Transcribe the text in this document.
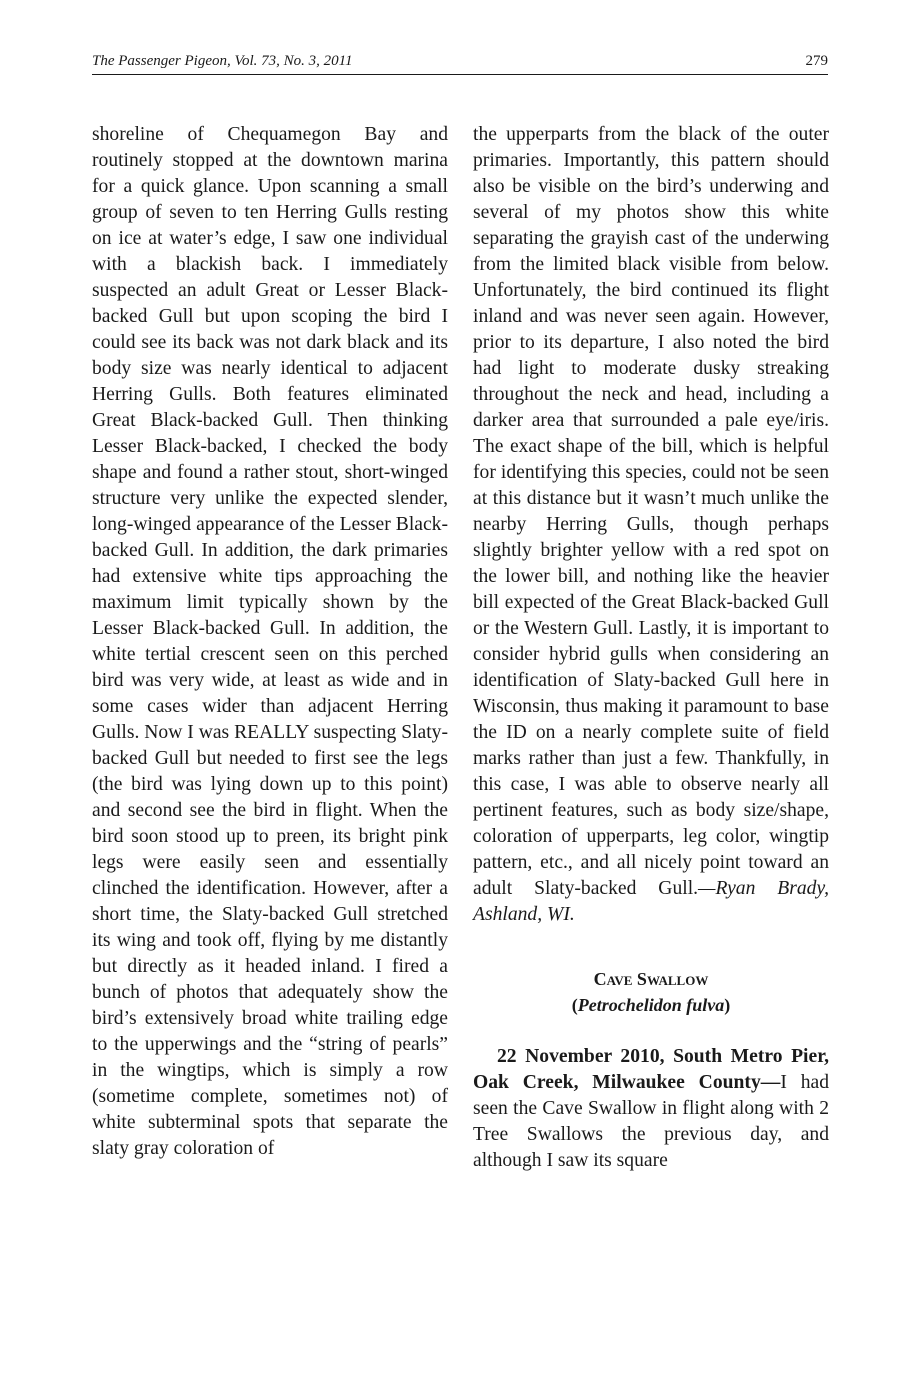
The Passenger Pigeon, Vol. 73, No. 3, 2011	279

shoreline of Chequamegon Bay and routinely stopped at the downtown marina for a quick glance. Upon scanning a small group of seven to ten Herring Gulls resting on ice at water’s edge, I saw one individual with a blackish back. I immediately suspected an adult Great or Lesser Black-backed Gull but upon scoping the bird I could see its back was not dark black and its body size was nearly identical to adjacent Herring Gulls. Both features eliminated Great Black-backed Gull. Then thinking Lesser Black-backed, I checked the body shape and found a rather stout, short-winged structure very unlike the expected slender, long-winged appearance of the Lesser Black-backed Gull. In addition, the dark primaries had extensive white tips approaching the maximum limit typically shown by the Lesser Black-backed Gull. In addition, the white tertial crescent seen on this perched bird was very wide, at least as wide and in some cases wider than adjacent Herring Gulls. Now I was REALLY suspecting Slaty-backed Gull but needed to first see the legs (the bird was lying down up to this point) and second see the bird in flight. When the bird soon stood up to preen, its bright pink legs were easily seen and essentially clinched the identification. However, after a short time, the Slaty-backed Gull stretched its wing and took off, flying by me distantly but directly as it headed inland. I fired a bunch of photos that adequately show the bird’s extensively broad white trailing edge to the upperwings and the “string of pearls” in the wingtips, which is simply a row (sometime complete, sometimes not) of white subterminal spots that separate the slaty gray coloration of

the upperparts from the black of the outer primaries. Importantly, this pattern should also be visible on the bird’s underwing and several of my photos show this white separating the grayish cast of the underwing from the limited black visible from below. Unfortunately, the bird continued its flight inland and was never seen again. However, prior to its departure, I also noted the bird had light to moderate dusky streaking throughout the neck and head, including a darker area that surrounded a pale eye/iris. The exact shape of the bill, which is helpful for identifying this species, could not be seen at this distance but it wasn’t much unlike the nearby Herring Gulls, though perhaps slightly brighter yellow with a red spot on the lower bill, and nothing like the heavier bill expected of the Great Black-backed Gull or the Western Gull. Lastly, it is important to consider hybrid gulls when considering an identification of Slaty-backed Gull here in Wisconsin, thus making it paramount to base the ID on a nearly complete suite of field marks rather than just a few. Thankfully, in this case, I was able to observe nearly all pertinent features, such as body size/shape, coloration of upperparts, leg color, wingtip pattern, etc., and all nicely point toward an adult Slaty-backed Gull.—Ryan Brady, Ashland, WI.

Cave Swallow
(Petrochelidon fulva)

22 November 2010, South Metro Pier, Oak Creek, Milwaukee County—I had seen the Cave Swallow in flight along with 2 Tree Swallows the previous day, and although I saw its square
